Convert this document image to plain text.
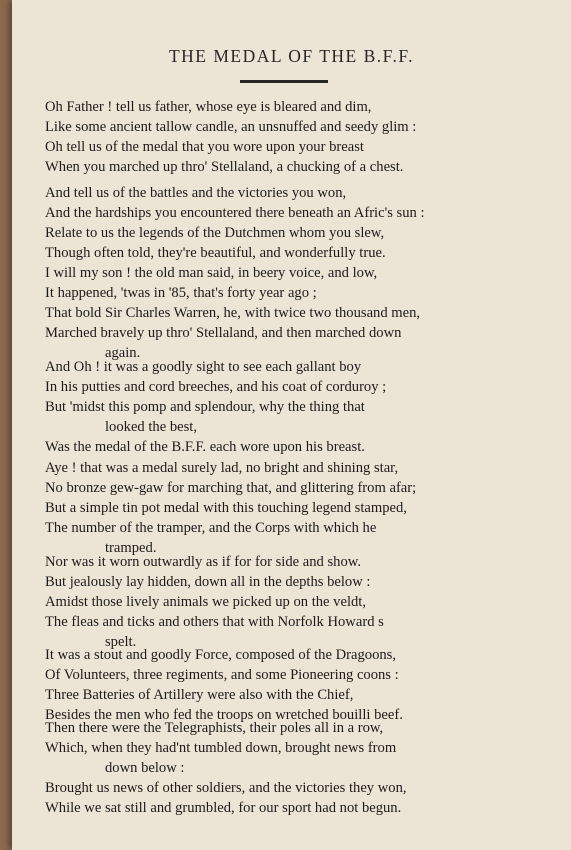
THE MEDAL OF THE B.F.F.
Oh Father ! tell us father, whose eye is bleared and dim,
Like some ancient tallow candle, an unsnuffed and seedy glim :
Oh tell us of the medal that you wore upon your breast
When you marched up thro' Stellaland, a chucking of a chest.
And tell us of the battles and the victories you won,
And the hardships you encountered there beneath an Afric's sun :
Relate to us the legends of the Dutchmen whom you slew,
Though often told, they're beautiful, and wonderfully true.
I will my son ! the old man said, in beery voice, and low,
It happened, 'twas in '85, that's forty year ago ;
That bold Sir Charles Warren, he, with twice two thousand men,
Marched bravely up thro' Stellaland, and then marched down
again.
And Oh ! it was a goodly sight to see each gallant boy
In his putties and cord breeches, and his coat of corduroy ;
But 'midst this pomp and splendour, why the thing that
looked the best,
Was the medal of the B.F.F. each wore upon his breast.
Aye ! that was a medal surely lad, no bright and shining star,
No bronze gew-gaw for marching that, and glittering from afar;
But a simple tin pot medal with this touching legend stamped,
The number of the tramper, and the Corps with which he
tramped.
Nor was it worn outwardly as if for for side and show.
But jealously lay hidden, down all in the depths below :
Amidst those lively animals we picked up on the veldt,
The fleas and ticks and others that with Norfolk Howard s
spelt.
It was a stout and goodly Force, composed of the Dragoons,
Of Volunteers, three regiments, and some Pioneering coons :
Three Batteries of Artillery were also with the Chief,
Besides the men who fed the troops on wretched bouilli beef.
Then there were the Telegraphists, their poles all in a row,
Which, when they had'nt tumbled down, brought news from
down below :
Brought us news of other soldiers, and the victories they won,
While we sat still and grumbled, for our sport had not begun.
